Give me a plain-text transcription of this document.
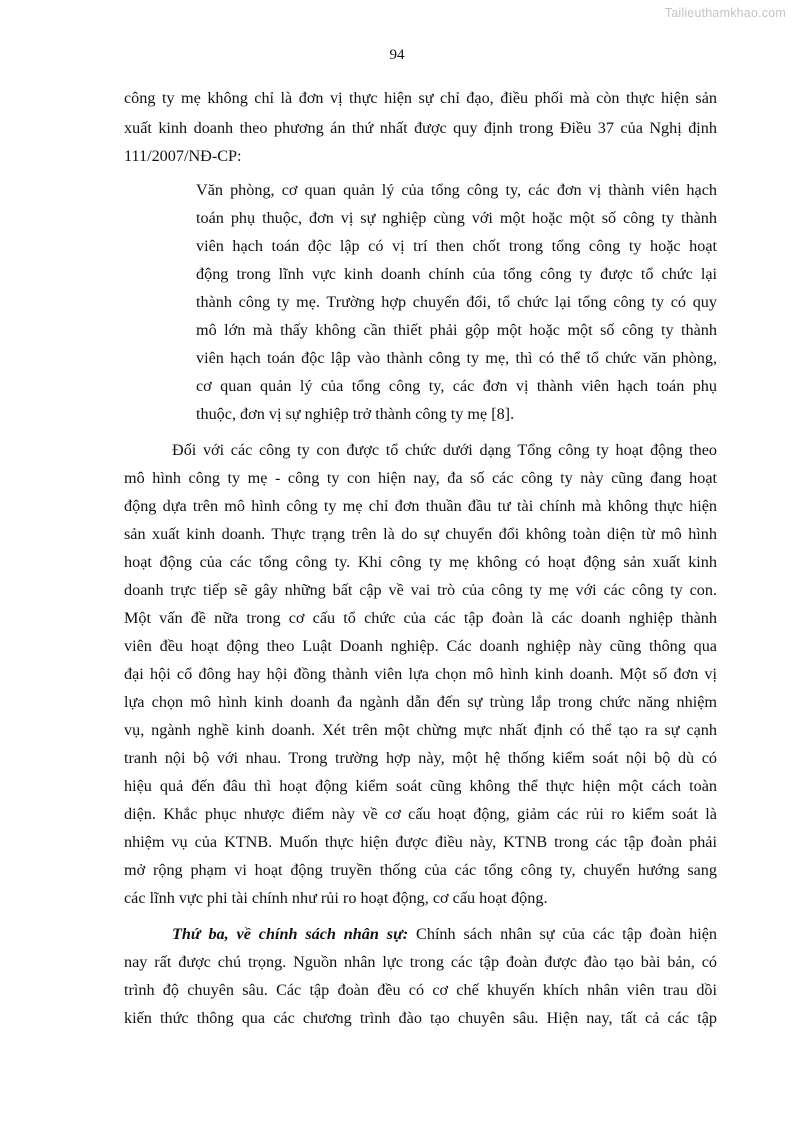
Tailieuthamkhao.com
94
công ty mẹ không chỉ là đơn vị thực hiện sự chỉ đạo, điều phối mà còn thực hiện sản
xuất kinh doanh theo phương án thứ nhất được quy định trong Điều 37 của Nghị định
111/2007/NĐ-CP:
Văn phòng, cơ quan quản lý của tổng công ty, các đơn vị thành viên hạch
toán phụ thuộc, đơn vị sự nghiệp cùng với một hoặc một số công ty thành
viên hạch toán độc lập có vị trí then chốt trong tổng công ty hoặc hoạt
động trong lĩnh vực kinh doanh chính của tổng công ty được tổ chức lại
thành công ty mẹ. Trường hợp chuyển đổi, tổ chức lại tổng công ty có quy
mô lớn mà thấy không cần thiết phải gộp một hoặc một số công ty thành
viên hạch toán độc lập vào thành công ty mẹ, thì có thể tổ chức văn phòng,
cơ quan quản lý của tổng công ty, các đơn vị thành viên hạch toán phụ
thuộc, đơn vị sự nghiệp trở thành công ty mẹ [8].
Đối với các công ty con được tổ chức dưới dạng Tổng công ty hoạt động theo
mô hình công ty mẹ - công ty con hiện nay, đa số các công ty này cũng đang hoạt
động dựa trên mô hình công ty mẹ chỉ đơn thuần đầu tư tài chính mà không thực hiện
sản xuất kinh doanh. Thực trạng trên là do sự chuyển đổi không toàn diện từ mô hình
hoạt động của các tổng công ty. Khi công ty mẹ không có hoạt động sản xuất kinh
doanh trực tiếp sẽ gây những bất cập về vai trò của công ty mẹ với các công ty con.
Một vấn đề nữa trong cơ cấu tổ chức của các tập đoàn là các doanh nghiệp thành
viên đều hoạt động theo Luật Doanh nghiệp. Các doanh nghiệp này cũng thông qua
đại hội cổ đông hay hội đồng thành viên lựa chọn mô hình kinh doanh. Một số đơn vị
lựa chọn mô hình kinh doanh đa ngành dẫn đến sự trùng lắp trong chức năng nhiệm
vụ, ngành nghề kinh doanh. Xét trên một chừng mực nhất định có thể tạo ra sự cạnh
tranh nội bộ với nhau. Trong trường hợp này, một hệ thống kiểm soát nội bộ dù có
hiệu quả đến đâu thì hoạt động kiểm soát cũng không thể thực hiện một cách toàn
diện. Khắc phục nhược điểm này về cơ cấu hoạt động, giảm các rủi ro kiểm soát là
nhiệm vụ của KTNB. Muốn thực hiện được điều này, KTNB trong các tập đoàn phải
mở rộng phạm vi hoạt động truyền thống của các tổng công ty, chuyển hướng sang
các lĩnh vực phi tài chính như rủi ro hoạt động, cơ cấu hoạt động.
Thứ ba, về chính sách nhân sự: Chính sách nhân sự của các tập đoàn hiện
nay rất được chú trọng. Nguồn nhân lực trong các tập đoàn được đào tạo bài bản, có
trình độ chuyên sâu. Các tập đoàn đều có cơ chế khuyến khích nhân viên trau dồi
kiến thức thông qua các chương trình đào tạo chuyên sâu. Hiện nay, tất cả các tập
